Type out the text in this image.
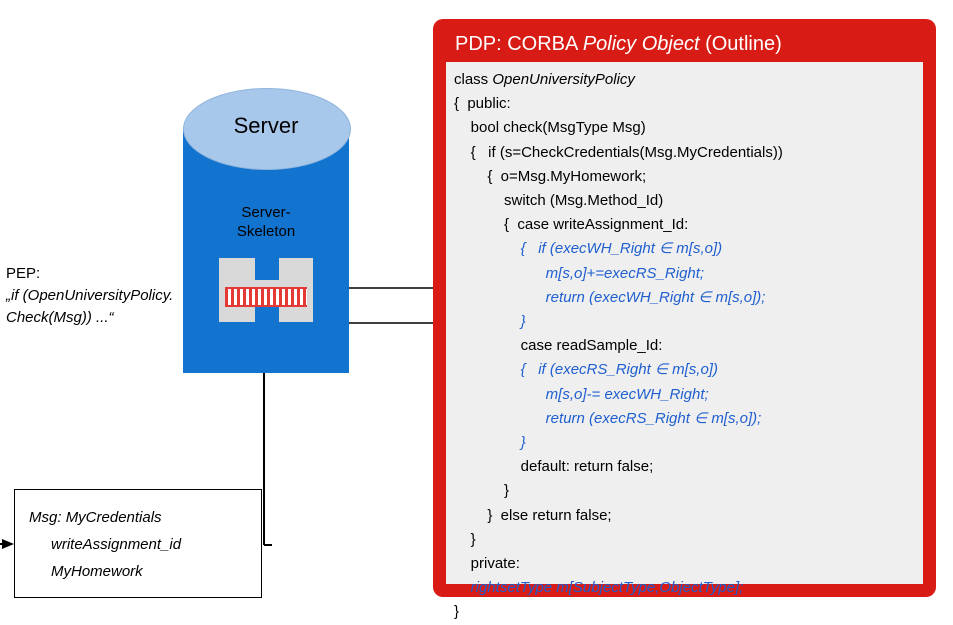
Server
Server-
Skeleton
PEP:
„if (OpenUniversityPolicy.
Check(Msg)) ...“
Msg: MyCredentials
writeAssignment_id
MyHomework
PDP: CORBA Policy Object (Outline)
class OpenUniversityPolicy
{  public:
bool check(MsgType Msg)
{   if (s=CheckCredentials(Msg.MyCredentials))
{  o=Msg.MyHomework;
switch (Msg.Method_Id)
{  case writeAssignment_Id:
{   if (execWH_Right ∈ m[s,o])
m[s,o]+=execRS_Right;
return (execWH_Right ∈ m[s,o]);
}
case readSample_Id:
{   if (execRS_Right ∈ m[s,o])
m[s,o]-= execWH_Right;
return (execRS_Right ∈ m[s,o]);
}
default: return false;
}
}  else return false;
}
private:
rightsetType m[SubjectType,ObjectType];
}
